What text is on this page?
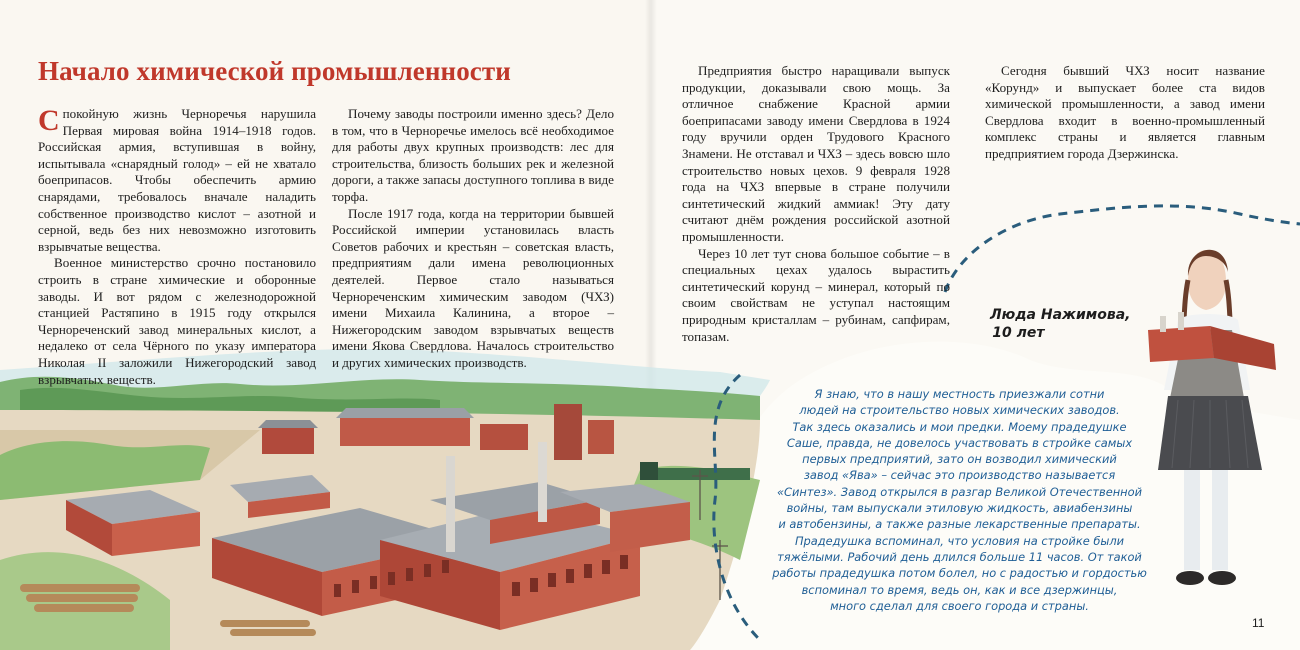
Начало химической промышленности

Спокойную жизнь Черноречья нарушила Первая мировая война 1914–1918 годов. Российская армия, вступившая в войну, испытывала «снарядный голод» – ей не хватало боеприпасов. Чтобы обеспечить армию снарядами, требовалось вначале наладить собственное производство кислот – азотной и серной, ведь без них невозможно изготовить взрывчатые вещества.

Военное министерство срочно постановило строить в стране химические и оборонные заводы. И вот рядом с железнодорожной станцией Растяпино в 1915 году открылся Чернореченский завод минеральных кислот, а недалеко от села Чёрного по указу императора Николая II заложили Нижегородский завод взрывчатых веществ.

Почему заводы построили именно здесь? Дело в том, что в Черноречье имелось всё необходимое для работы двух крупных производств: лес для строительства, близость больших рек и железной дороги, а также запасы доступного топлива в виде торфа.

После 1917 года, когда на территории бывшей Российской империи установилась власть Советов рабочих и крестьян – советская власть, предприятиям дали имена революционных деятелей. Первое стало называться Чернореченским химическим заводом (ЧХЗ) имени Михаила Калинина, а второе – Нижегородским заводом взрывчатых веществ имени Якова Свердлова. Началось строительство и других химических производств.

Предприятия быстро наращивали выпуск продукции, доказывали свою мощь. За отличное снабжение Красной армии боеприпасами заводу имени Свердлова в 1924 году вручили орден Трудового Красного Знамени. Не отставал и ЧХЗ – здесь вовсю шло строительство новых цехов. 9 февраля 1928 года на ЧХЗ впервые в стране получили синтетический жидкий аммиак! Эту дату считают днём рождения российской азотной промышленности.

Через 10 лет тут снова большое событие – в специальных цехах удалось вырастить синтетический корунд – минерал, который по своим свойствам не уступал настоящим природным кристаллам – рубинам, сапфирам, топазам.

Сегодня бывший ЧХЗ носит название «Корунд» и выпускает более ста видов химической промышленности, а завод имени Свердлова входит в военно-промышленный комплекс страны и является главным предприятием города Дзержинска.

Люда Нажимова,
10 лет
Я знаю, что в нашу местность приезжали сотни
людей на строительство новых химических заводов.
Так здесь оказались и мои предки. Моему прадедушке
Саше, правда, не довелось участвовать в стройке самых
первых предприятий, зато он возводил химический
завод «Ява» – сейчас это производство называется
«Синтез». Завод открылся в разгар Великой Отечественной
войны, там выпускали этиловую жидкость, авиабензины
и автобензины, а также разные лекарственные препараты.
Прадедушка вспоминал, что условия на стройке были
тяжёлыми. Рабочий день длился больше 11 часов. От такой
работы прадедушка потом болел, но с радостью и гордостью
вспоминал то время, ведь он, как и все дзержинцы,
много сделал для своего города и страны.
11
